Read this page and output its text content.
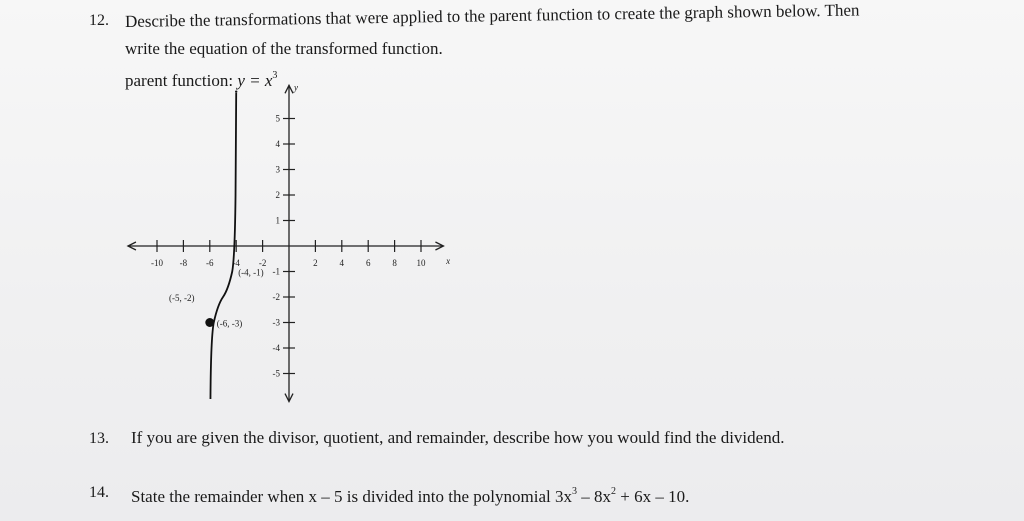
12. Describe the transformations that were applied to the parent function to create the graph shown below. Then
write the equation of the transformed function.
parent function: $y = x^3$
x
y
-10 -8 -6 -4 -2	2 4 6 8 10
5
4
3
2
1
-1
-2
-3
-4
-5
(-5, -2)
(-4, -1)
(-6, -3)
13. If you are given the divisor, quotient, and remainder, describe how you would find the dividend.
14. State the remainder when x – 5 is divided into the polynomial $3x^3 - 8x^2 + 6x - 10$.
